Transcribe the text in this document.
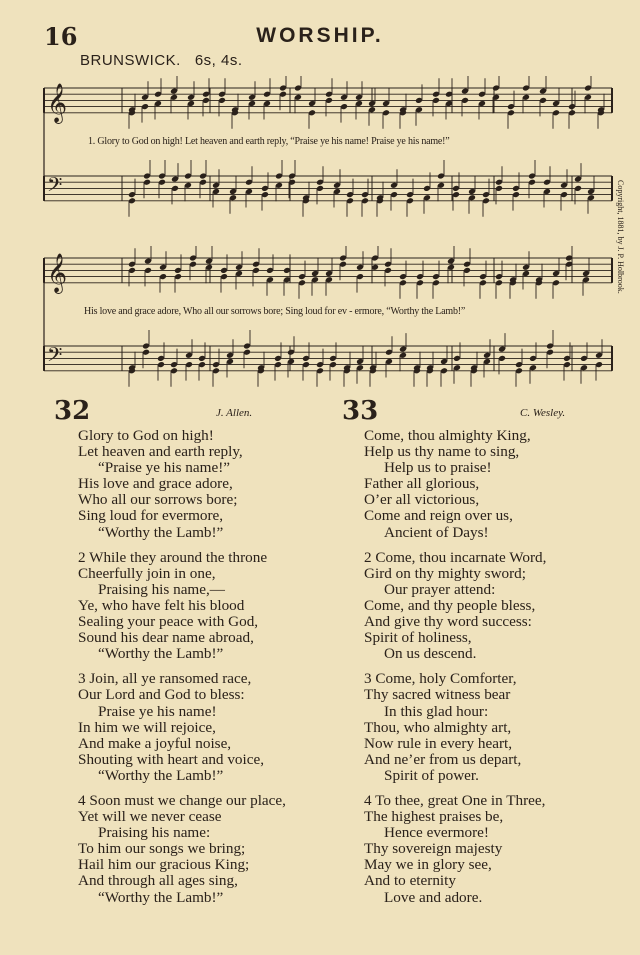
16	WORSHIP.
BRUNSWICK. 6s, 4s.
𝄞
𝄢
1. Glory to God on high! Let heaven and earth reply, “Praise ye his name! Praise ye his name!”
𝄞
𝄢
His love and grace adore, Who all our sorrows bore; Sing loud for ev - ermore, “Worthy the Lamb!”
Copyright, 1881, by J. P. Holbrook.
32	J. Allen.
Glory to God on high!
Let heaven and earth reply,
“Praise ye his name!”
His love and grace adore,
Who all our sorrows bore;
Sing loud for evermore,
“Worthy the Lamb!”
2 While they around the throne
Cheerfully join in one,
Praising his name,—
Ye, who have felt his blood
Sealing your peace with God,
Sound his dear name abroad,
“Worthy the Lamb!”
3 Join, all ye ransomed race,
Our Lord and God to bless:
Praise ye his name!
In him we will rejoice,
And make a joyful noise,
Shouting with heart and voice,
“Worthy the Lamb!”
4 Soon must we change our place,
Yet will we never cease
Praising his name:
To him our songs we bring;
Hail him our gracious King;
And through all ages sing,
“Worthy the Lamb!”
33	C. Wesley.
Come, thou almighty King,
Help us thy name to sing,
Help us to praise!
Father all glorious,
O’er all victorious,
Come and reign over us,
Ancient of Days!
2 Come, thou incarnate Word,
Gird on thy mighty sword;
Our prayer attend:
Come, and thy people bless,
And give thy word success:
Spirit of holiness,
On us descend.
3 Come, holy Comforter,
Thy sacred witness bear
In this glad hour:
Thou, who almighty art,
Now rule in every heart,
And ne’er from us depart,
Spirit of power.
4 To thee, great One in Three,
The highest praises be,
Hence evermore!
Thy sovereign majesty
May we in glory see,
And to eternity
Love and adore.
